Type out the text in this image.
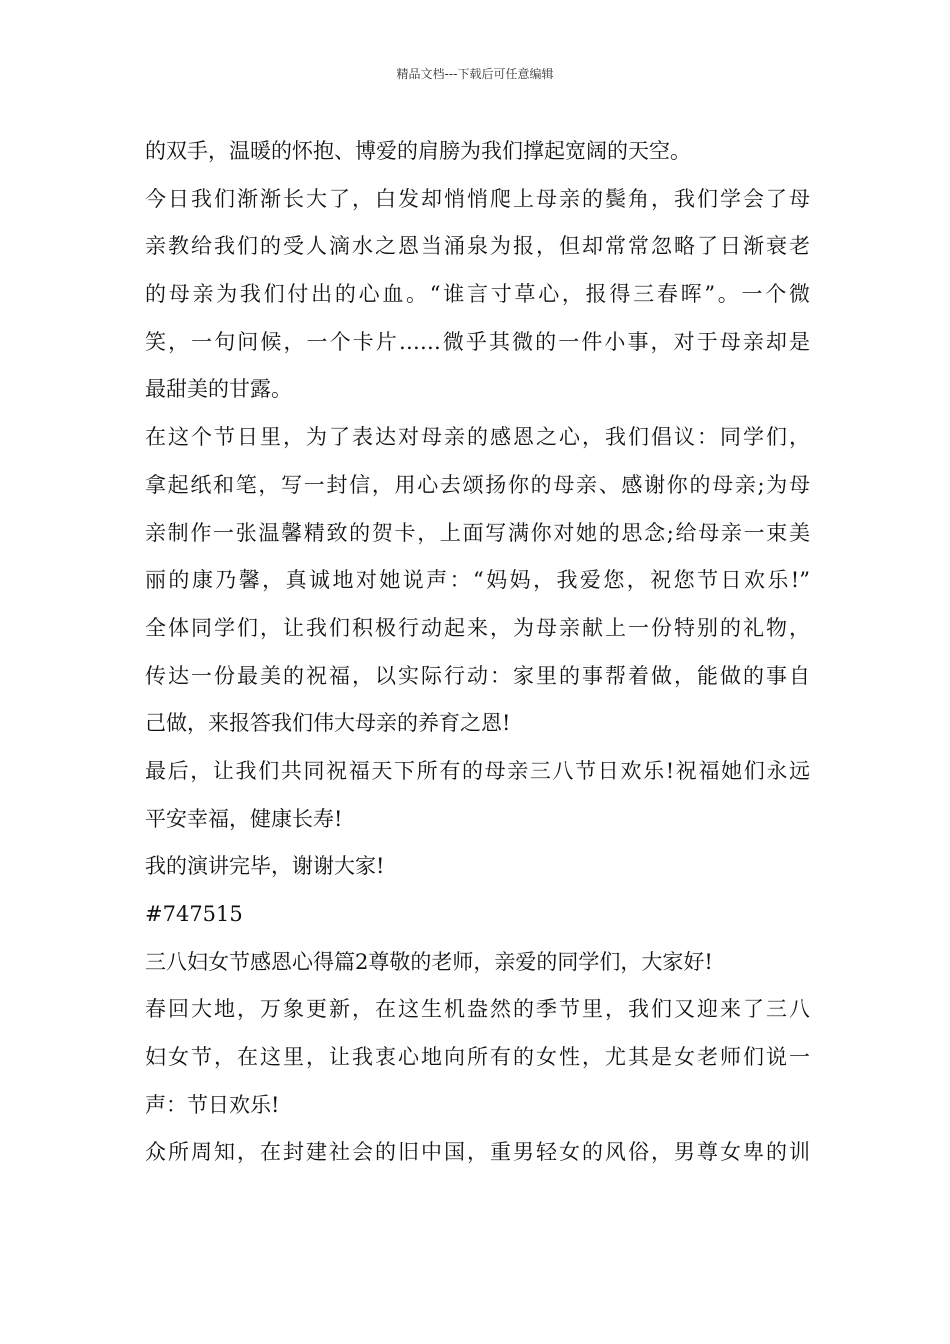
精品文档---下载后可任意编辑
的双手，温暖的怀抱、博爱的肩膀为我们撑起宽阔的天空。
今日我们渐渐长大了，白发却悄悄爬上母亲的鬓角，我们学会了母
亲教给我们的受人滴水之恩当涌泉为报，但却常常忽略了日渐衰老
的母亲为我们付出的心血。“谁言寸草心，报得三春晖”。一个微
笑，一句问候，一个卡片……微乎其微的一件小事，对于母亲却是
最甜美的甘露。
在这个节日里，为了表达对母亲的感恩之心，我们倡议：同学们，
拿起纸和笔，写一封信，用心去颂扬你的母亲、感谢你的母亲;为母
亲制作一张温馨精致的贺卡，上面写满你对她的思念;给母亲一束美
丽的康乃馨，真诚地对她说声：“妈妈，我爱您，祝您节日欢乐!”
全体同学们，让我们积极行动起来，为母亲献上一份特别的礼物，
传达一份最美的祝福，以实际行动：家里的事帮着做，能做的事自
己做，来报答我们伟大母亲的养育之恩!
最后，让我们共同祝福天下所有的母亲三八节日欢乐!祝福她们永远
平安幸福，健康长寿!
我的演讲完毕，谢谢大家!
#747515
三八妇女节感恩心得篇2尊敬的老师，亲爱的同学们，大家好!
春回大地，万象更新，在这生机盎然的季节里，我们又迎来了三八
妇女节，在这里，让我衷心地向所有的女性，尤其是女老师们说一
声：节日欢乐!
众所周知，在封建社会的旧中国，重男轻女的风俗，男尊女卑的训
